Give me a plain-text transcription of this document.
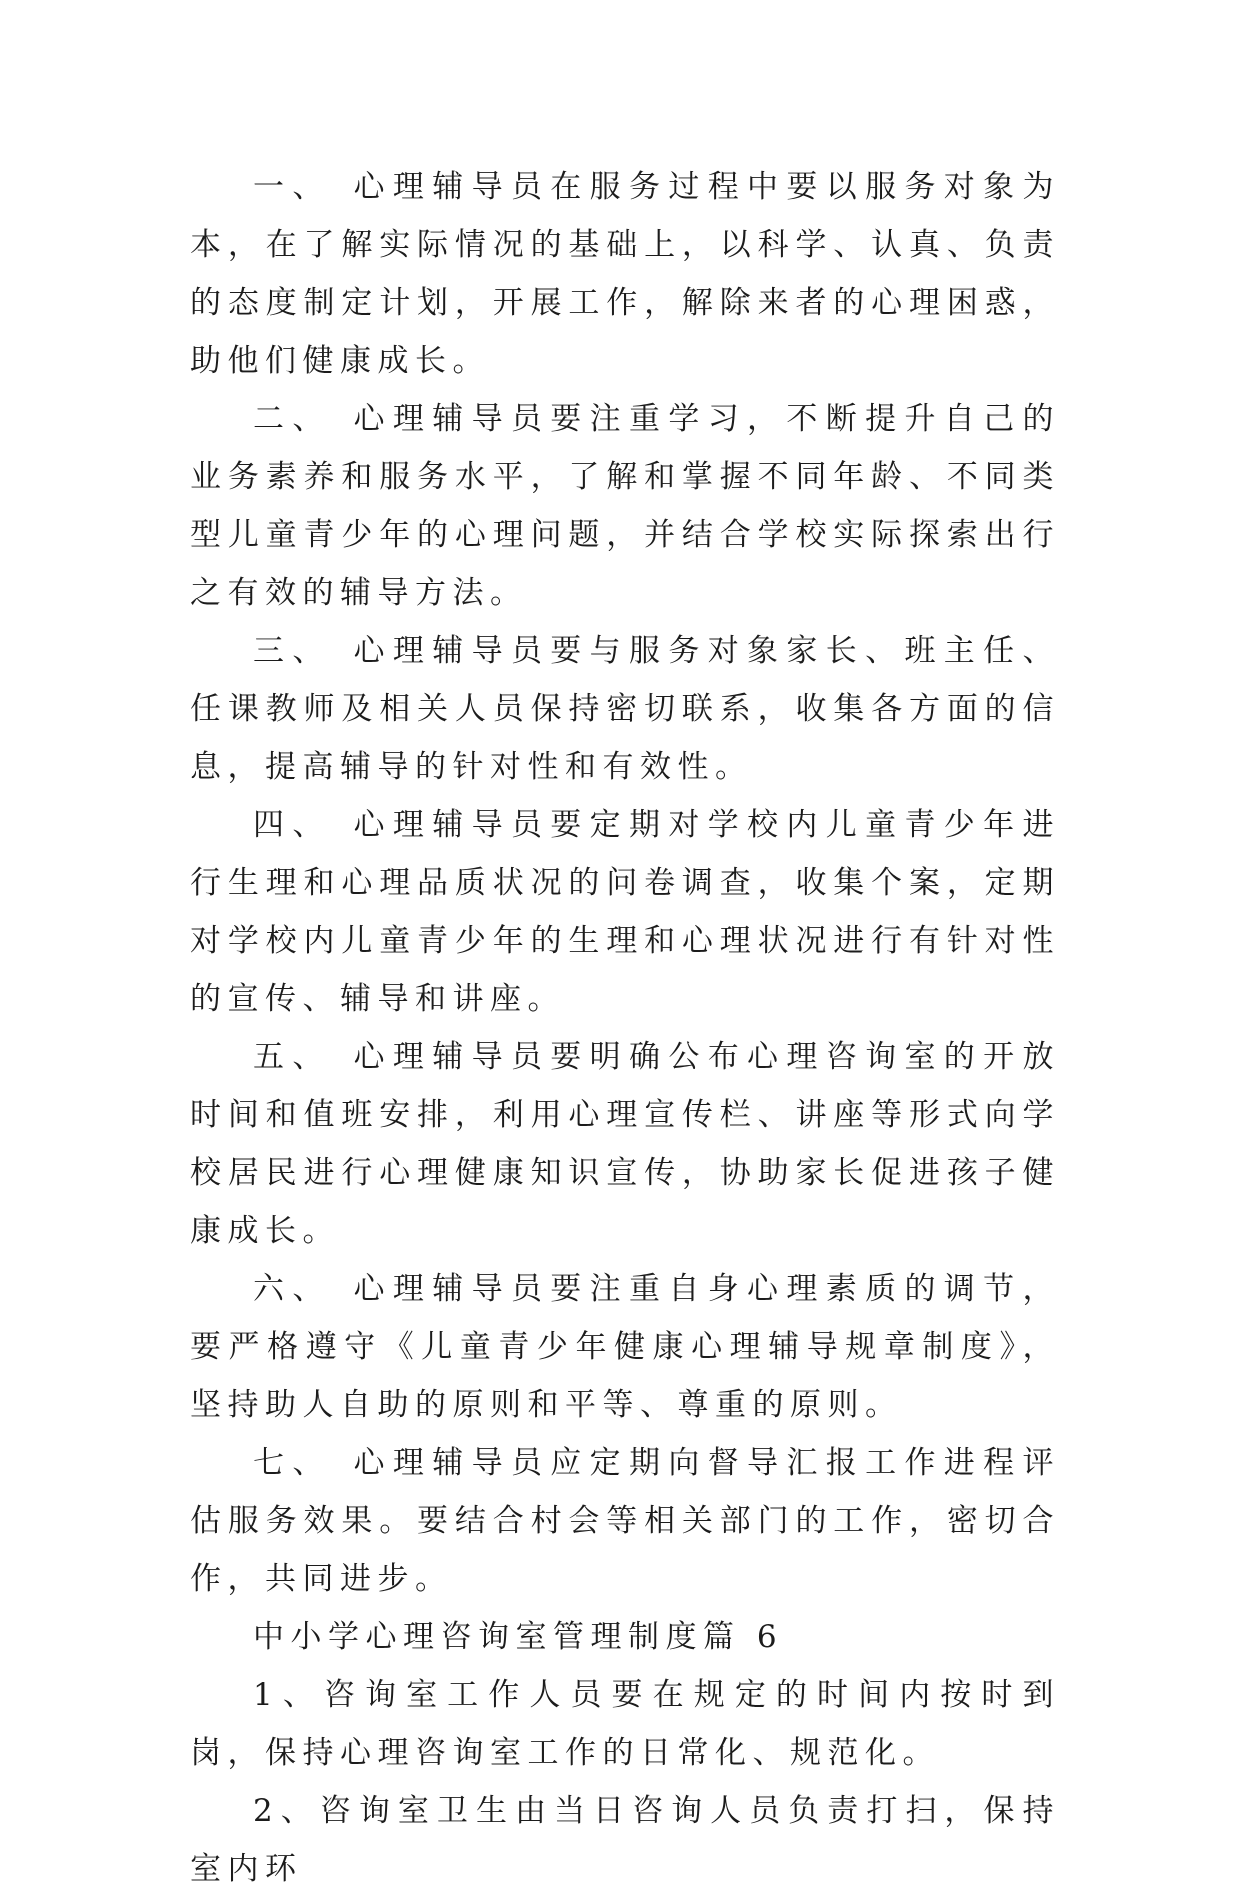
一、 心理辅导员在服务过程中要以服务对象为本，在了解实际情况的基础上，以科学、认真、负责的态度制定计划，开展工作，解除来者的心理困惑，助他们健康成长。

二、 心理辅导员要注重学习，不断提升自己的业务素养和服务水平，了解和掌握不同年龄、不同类型儿童青少年的心理问题，并结合学校实际探索出行之有效的辅导方法。

三、 心理辅导员要与服务对象家长、班主任、任课教师及相关人员保持密切联系，收集各方面的信息，提高辅导的针对性和有效性。

四、 心理辅导员要定期对学校内儿童青少年进行生理和心理品质状况的问卷调查，收集个案，定期对学校内儿童青少年的生理和心理状况进行有针对性的宣传、辅导和讲座。

五、 心理辅导员要明确公布心理咨询室的开放时间和值班安排，利用心理宣传栏、讲座等形式向学校居民进行心理健康知识宣传，协助家长促进孩子健康成长。

六、 心理辅导员要注重自身心理素质的调节，要严格遵守《儿童青少年健康心理辅导规章制度》，坚持助人自助的原则和平等、尊重的原则。

七、 心理辅导员应定期向督导汇报工作进程评估服务效果。要结合村会等相关部门的工作，密切合作，共同进步。

中小学心理咨询室管理制度篇 6

1、咨询室工作人员要在规定的时间内按时到岗，保持心理咨询室工作的日常化、规范化。

2、咨询室卫生由当日咨询人员负责打扫，保持室内环
